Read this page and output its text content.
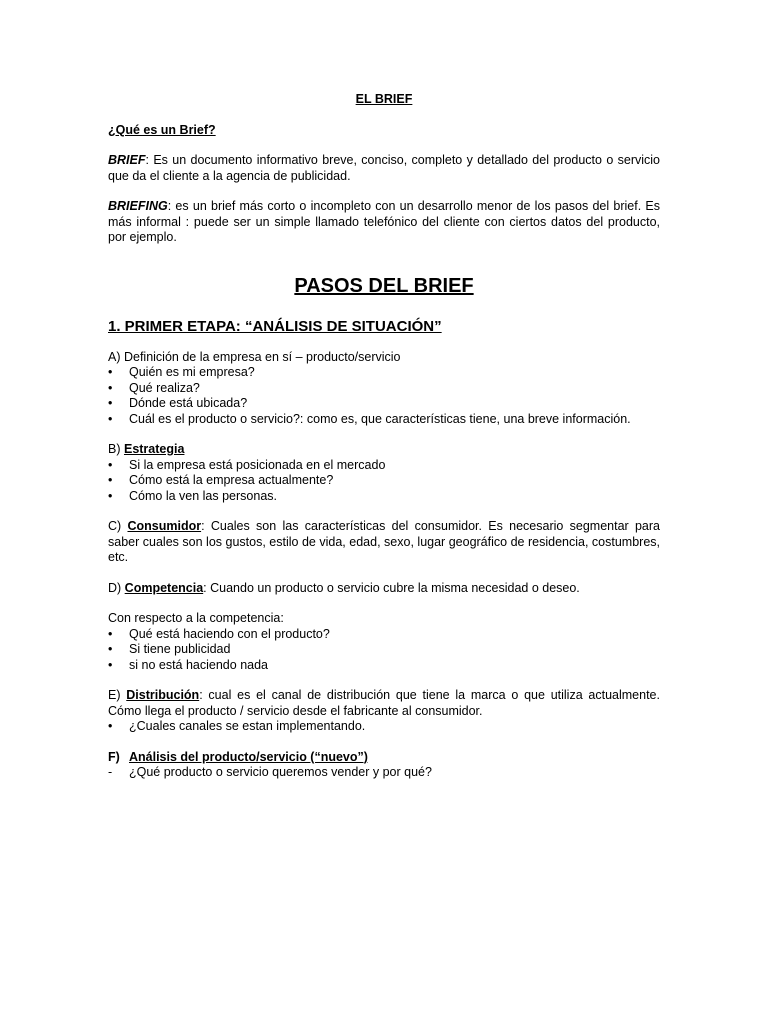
EL BRIEF

¿Qué es un Brief?

BRIEF: Es un documento informativo breve, conciso, completo y detallado del producto o servicio que da el cliente a la agencia de publicidad.

BRIEFING: es un brief más corto o incompleto con un desarrollo menor de los pasos del brief. Es más informal : puede ser un simple llamado telefónico del cliente con ciertos datos del producto, por ejemplo.

PASOS DEL BRIEF

1. PRIMER ETAPA: “ANÁLISIS DE SITUACIÓN”

A) Definición de la empresa en sí – producto/servicio

• Quién es mi empresa?
• Qué realiza?
• Dónde está ubicada?
• Cuál es el producto o servicio?: como es, que características tiene, una breve información.

B) Estrategia

• Si la empresa está posicionada en el mercado
• Cómo está la empresa actualmente?
• Cómo la ven las personas.

C) Consumidor: Cuales son las características del consumidor. Es necesario segmentar para saber cuales son los gustos, estilo de vida, edad, sexo, lugar geográfico de residencia, costumbres, etc.

D) Competencia: Cuando un producto o servicio cubre la misma necesidad o deseo.

Con respecto a la competencia:

• Qué está haciendo con el producto?
• Si tiene publicidad
• si no está haciendo nada

E) Distribución: cual es el canal de distribución que tiene la marca o que utiliza actualmente. Cómo llega el producto / servicio desde el fabricante al consumidor.

• ¿Cuales canales se estan implementando.

F) Análisis del producto/servicio (“nuevo”)

- ¿Qué producto o servicio queremos vender y por qué?
